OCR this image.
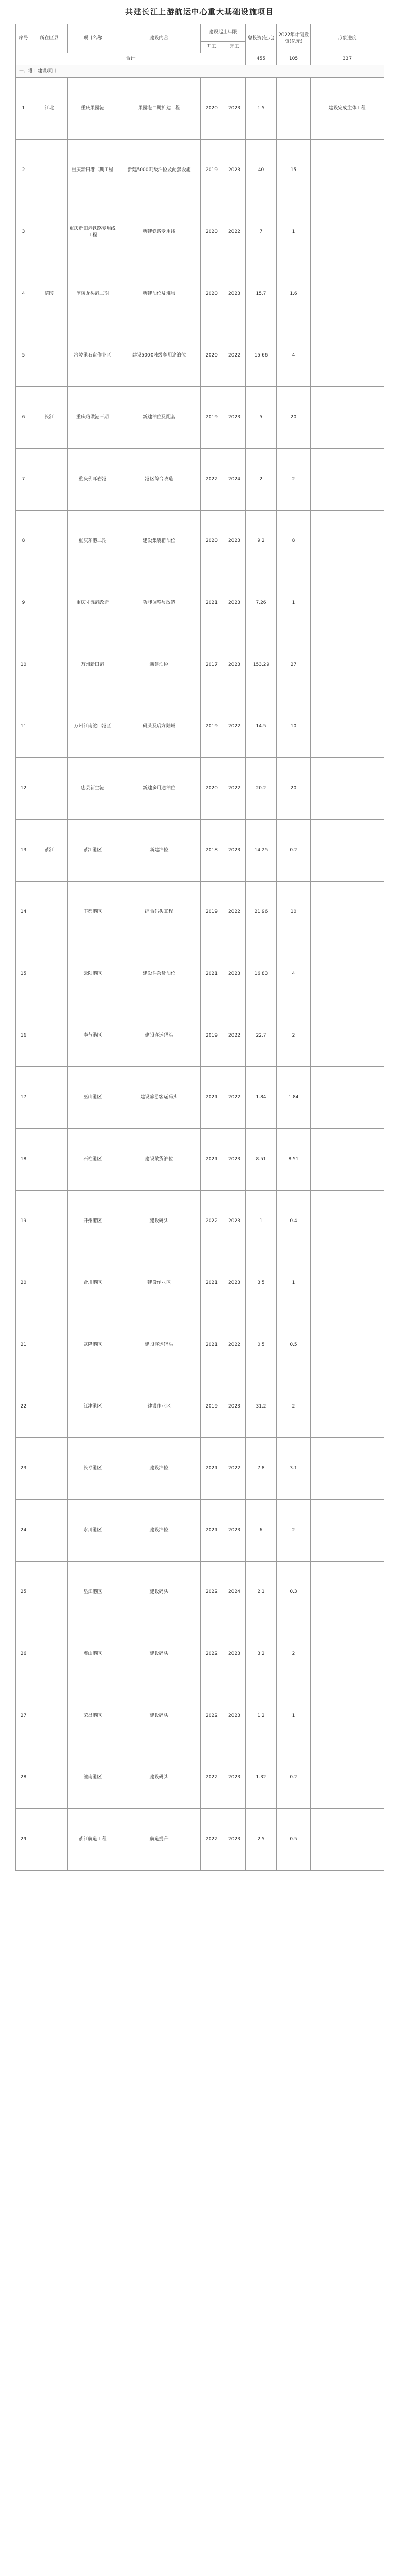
共建长江上游航运中心重大基础设施项目
序号	所在区县	项目名称	建设内容	建设起止年限		总投资(亿元)	2022年计划投资(亿元)	形象进度
				开工	完工			
合计						455	105	337
一、港口建设项目								
1	江北	重庆果园港	果园港二期扩建工程	2020	2023	1.5		建设完成主体工程
2		重庆新田港二期工程	新建5000吨级泊位及配套设施	2019	2023	40	15	
3		重庆新田港铁路专用线工程	新建铁路专用线	2020	2022	7	1	
4	涪陵	涪陵龙头港二期	新建泊位及堆场	2020	2023	15.7	1.6	
5		涪陵港石盘作业区	建设5000吨级多用途泊位	2020	2022	15.66	4	
6	长江	重庆珞璜港三期	新建泊位及配套	2019	2023	5	20	
7		重庆佛耳岩港	港区综合改造	2022	2024	2	2	
8		重庆东港二期	建设集装箱泊位	2020	2023	9.2	8	
9		重庆寸滩港改造	功能调整与改造	2021	2023	7.26	1	
10		万州新田港	新建泊位	2017	2023	153.29	27	
11		万州江南沱口港区	码头及后方陆域	2019	2022	14.5	10	
12		忠县新生港	新建多用途泊位	2020	2022	20.2	20	
13	綦江	綦江港区	新建泊位	2018	2023	14.25	0.2	
14		丰都港区	综合码头工程	2019	2022	21.96	10	
15		云阳港区	建设件杂货泊位	2021	2023	16.83	4	
16		奉节港区	建设客运码头	2019	2022	22.7	2	
17		巫山港区	建设旅游客运码头	2021	2022	1.84	1.84	
18		石柱港区	建设散货泊位	2021	2023	8.51	8.51	
19		开州港区	建设码头	2022	2023	1	0.4	
20		合川港区	建设作业区	2021	2023	3.5	1	
21		武隆港区	建设客运码头	2021	2022	0.5	0.5	
22		江津港区	建设作业区	2019	2023	31.2	2	
23		长寿港区	建设泊位	2021	2022	7.8	3.1	
24		永川港区	建设泊位	2021	2023	6	2	
25		垫江港区	建设码头	2022	2024	2.1	0.3	
26		璧山港区	建设码头	2022	2023	3.2	2	
27		荣昌港区	建设码头	2022	2023	1.2	1	
28		潼南港区	建设码头	2022	2023	1.32	0.2	
29		綦江航道工程	航道提升	2022	2023	2.5	0.5	
